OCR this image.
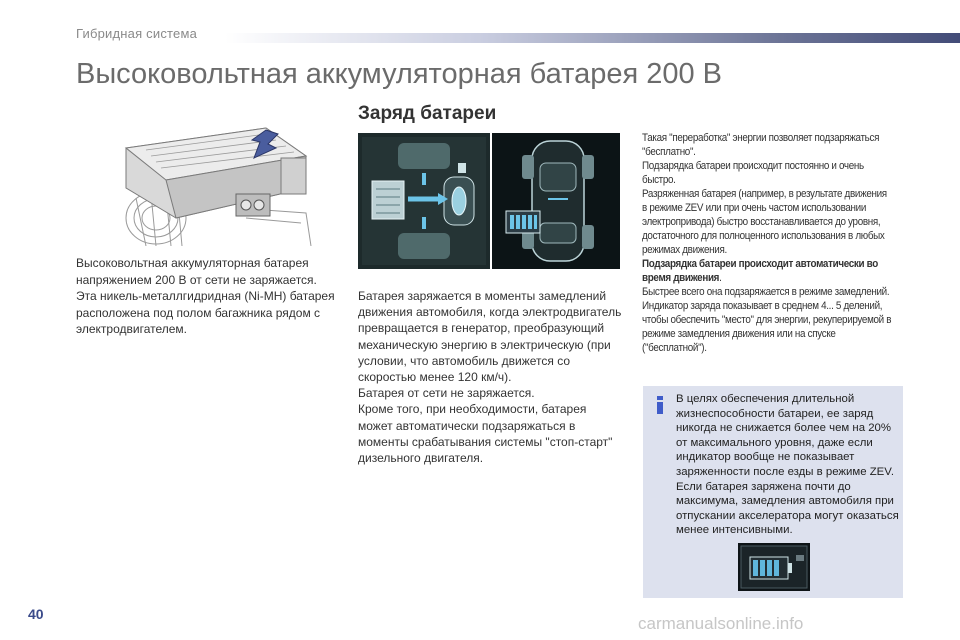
Гибридная система
Высоковольтная аккумуляторная батарея 200 В

Высоковольтная аккумуляторная батарея напряжением 200 В от сети не заряжается. Эта никель-металлгидридная (Ni-MH) батарея расположена под полом багажника рядом с электродвигателем.

Заряд батареи

Батарея заряжается в моменты замедлений движения автомобиля, когда электродвигатель превращается в генератор, преобразующий механическую энергию в электрическую (при условии, что автомобиль движется со скоростью менее 120 км/ч).

Батарея от сети не заряжается.

Кроме того, при необходимости, батарея может автоматически подзаряжаться в моменты срабатывания системы "стоп-старт" дизельного двигателя.

Такая "переработка" энергии позволяет подзаряжаться "бесплатно".

Подзарядка батареи происходит постоянно и очень быстро.

Разряженная батарея (например, в результате движения в режиме ZEV или при очень частом использовании электропривода) быстро восстанавливается до уровня, достаточного для полноценного использования в любых режимах движения.

Подзарядка батареи происходит автоматически во время движения.

Быстрее всего она подзаряжается в режиме замедлений.

Индикатор заряда показывает в среднем 4... 5 делений, чтобы обеспечить "место" для энергии, рекуперируемой в режиме замедления движения или на спуске ("бесплатной").

В целях обеспечения длительной жизнеспособности батареи, ее заряд никогда не снижается более чем на 20% от максимального уровня, даже если индикатор вообще не показывает заряженности после езды в режиме ZEV. Если батарея заряжена почти до максимума, замедления автомобиля при отпускании акселератора могут оказаться менее интенсивными.
40	carmanualsonline.info
